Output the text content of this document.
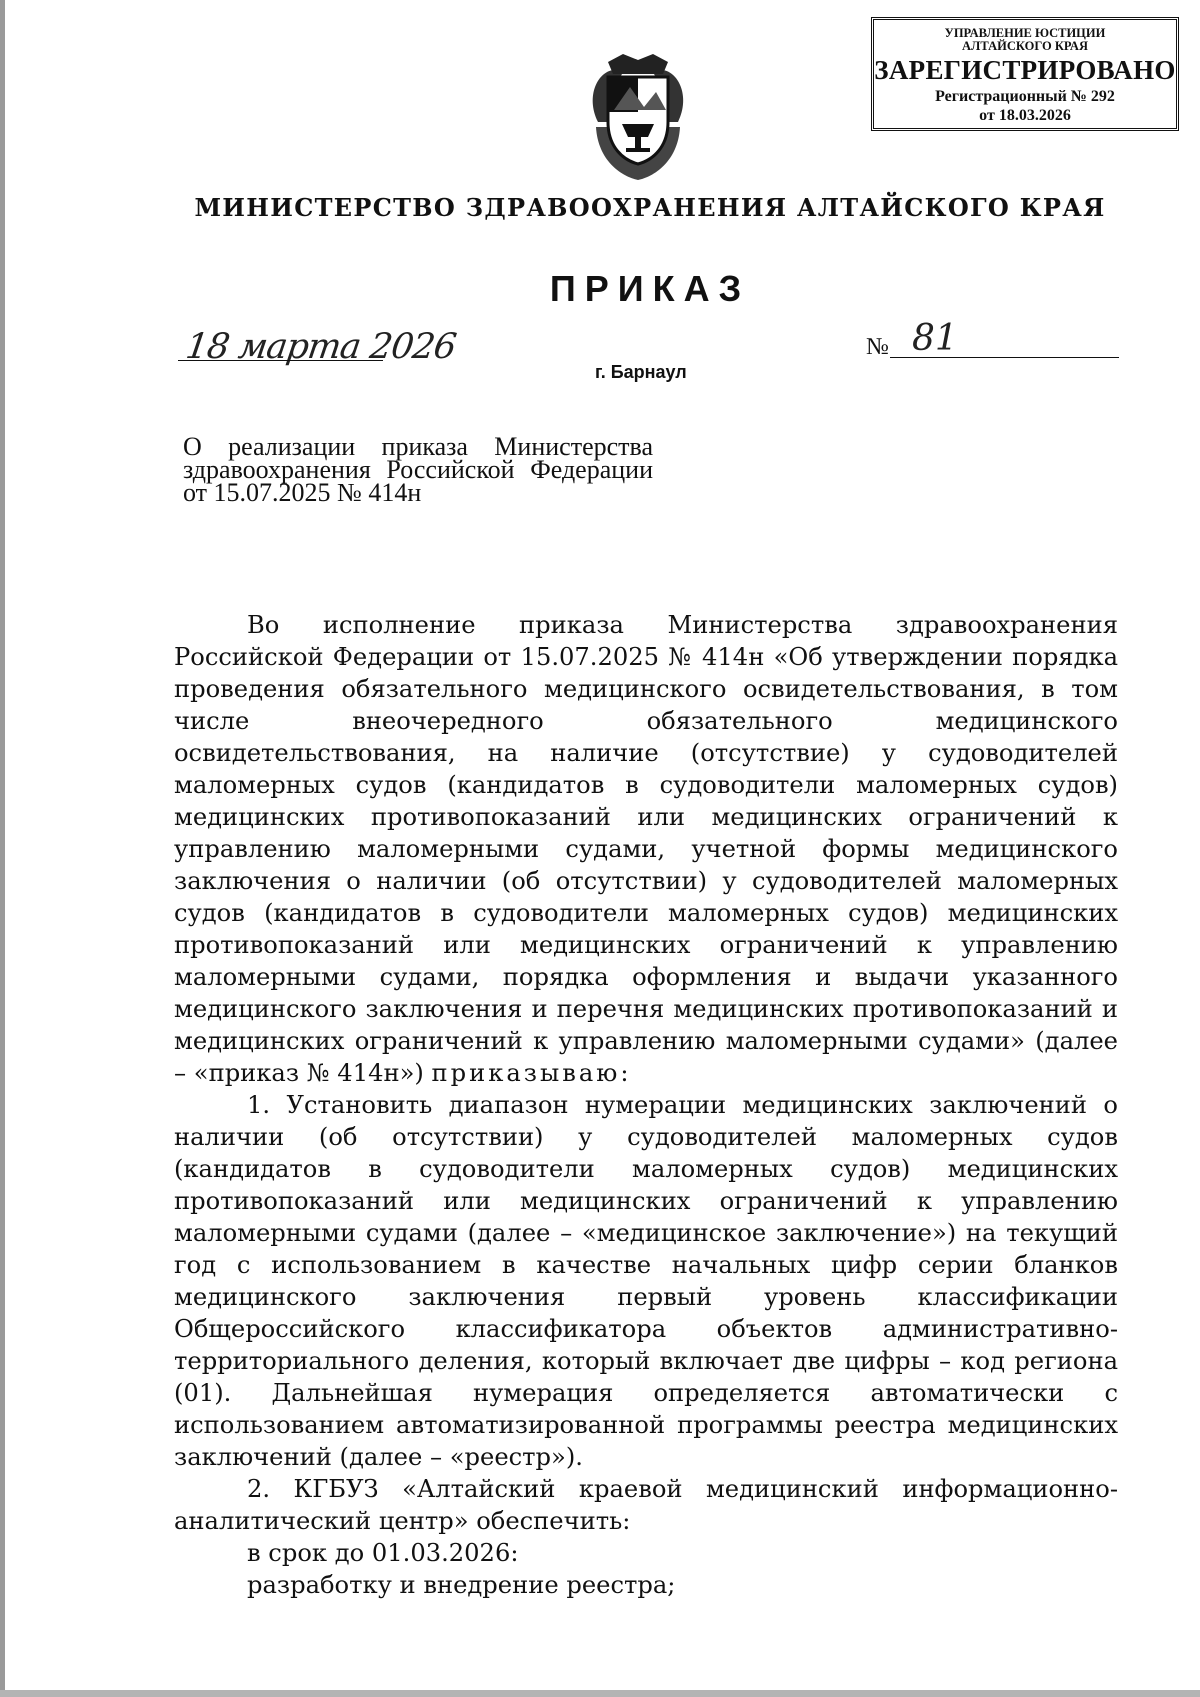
УПРАВЛЕНИЕ ЮСТИЦИИ
АЛТАЙСКОГО КРАЯ
ЗАРЕГИСТРИРОВАНО
Регистрационный № 292
от 18.03.2026
МИНИСТЕРСТВО ЗДРАВООХРАНЕНИЯ АЛТАЙСКОГО КРАЯ
ПРИКАЗ
18 марта 2026
г. Барнаул
№ 81
О реализации приказа Министерства здравоохранения Российской Федерации от 15.07.2025 № 414н

Во исполнение приказа Министерства здравоохранения Российской Федерации от 15.07.2025 № 414н «Об утверждении порядка проведения обязательного медицинского освидетельствования, в том числе внеочередного обязательного медицинского освидетельствования, на наличие (отсутствие) у судоводителей маломерных судов (кандидатов в судоводители маломерных судов) медицинских противопоказаний или медицинских ограничений к управлению маломерными судами, учетной формы медицинского заключения о наличии (об отсутствии) у судоводителей маломерных судов (кандидатов в судоводители маломерных судов) медицинских противопоказаний или медицинских ограничений к управлению маломерными судами, порядка оформления и выдачи указанного медицинского заключения и перечня медицинских противопоказаний и медицинских ограничений к управлению маломерными судами» (далее – «приказ № 414н») приказываю:

1. Установить диапазон нумерации медицинских заключений о наличии (об отсутствии) у судоводителей маломерных судов (кандидатов в судоводители маломерных судов) медицинских противопоказаний или медицинских ограничений к управлению маломерными судами (далее – «медицинское заключение») на текущий год с использованием в качестве начальных цифр серии бланков медицинского заключения первый уровень классификации Общероссийского классификатора объектов административно-территориального деления, который включает две цифры – код региона (01). Дальнейшая нумерация определяется автоматически с использованием автоматизированной программы реестра медицинских заключений (далее – «реестр»).

2. КГБУЗ «Алтайский краевой медицинский информационно-аналитический центр» обеспечить:

в срок до 01.03.2026:

разработку и внедрение реестра;
